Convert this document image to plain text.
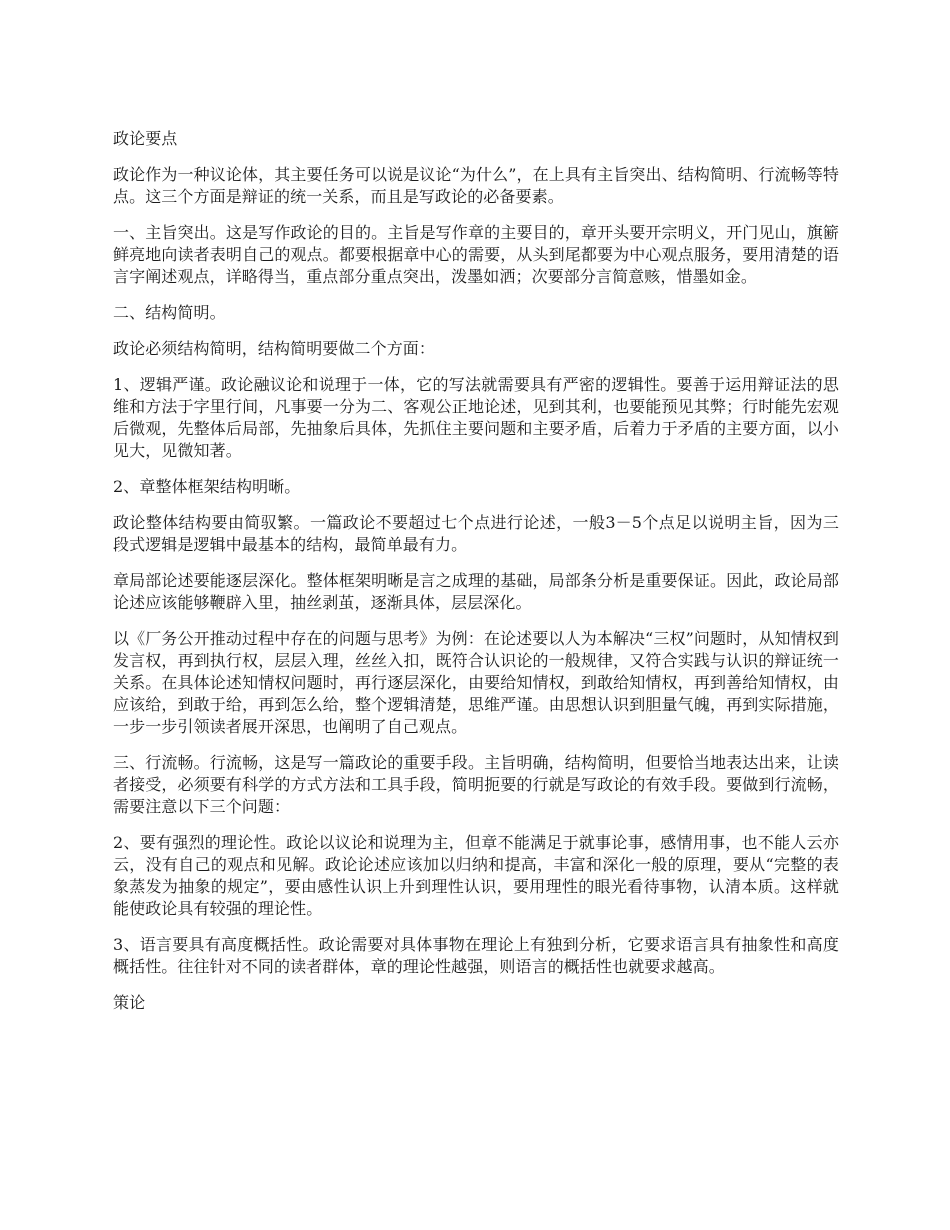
政论要点

政论作为一种议论体，其主要任务可以说是议论“为什么”，在上具有主旨突出、结构简明、行流畅等特点。这三个方面是辩证的统一关系，而且是写政论的必备要素。

一、主旨突出。这是写作政论的目的。主旨是写作章的主要目的，章开头要开宗明义，开门见山，旗簖鲜亮地向读者表明自己的观点。都要根据章中心的需要，从头到尾都要为中心观点服务，要用清楚的语言字阐述观点，详略得当，重点部分重点突出，泼墨如洒；次要部分言简意赅，惜墨如金。

二、结构简明。

政论必须结构简明，结构简明要做二个方面：

1、逻辑严谨。政论融议论和说理于一体，它的写法就需要具有严密的逻辑性。要善于运用辩证法的思维和方法于字里行间，凡事要一分为二、客观公正地论述，见到其利，也要能预见其弊；行时能先宏观后微观，先整体后局部，先抽象后具体，先抓住主要问题和主要矛盾，后着力于矛盾的主要方面，以小见大，见微知著。

2、章整体框架结构明晰。

政论整体结构要由简驭繁。一篇政论不要超过七个点进行论述，一般3－5个点足以说明主旨，因为三段式逻辑是逻辑中最基本的结构，最简单最有力。

章局部论述要能逐层深化。整体框架明晰是言之成理的基础，局部条分析是重要保证。因此，政论局部论述应该能够鞭辟入里，抽丝剥茧，逐渐具体，层层深化。

以《厂务公开推动过程中存在的问题与思考》为例：在论述要以人为本解决“三权”问题时，从知情权到发言权，再到执行权，层层入理，丝丝入扣，既符合认识论的一般规律，又符合实践与认识的辩证统一关系。在具体论述知情权问题时，再行逐层深化，由要给知情权，到敢给知情权，再到善给知情权，由应该给，到敢于给，再到怎么给，整个逻辑清楚，思维严谨。由思想认识到胆量气魄，再到实际措施，一步一步引领读者展开深思，也阐明了自己观点。

三、行流畅。行流畅，这是写一篇政论的重要手段。主旨明确，结构简明，但要恰当地表达出来，让读者接受，必须要有科学的方式方法和工具手段，简明扼要的行就是写政论的有效手段。要做到行流畅，需要注意以下三个问题：

2、要有强烈的理论性。政论以议论和说理为主，但章不能满足于就事论事，感情用事，也不能人云亦云，没有自己的观点和见解。政论论述应该加以归纳和提高，丰富和深化一般的原理，要从“完整的表象蒸发为抽象的规定”，要由感性认识上升到理性认识，要用理性的眼光看待事物，认清本质。这样就能使政论具有较强的理论性。

3、语言要具有高度概括性。政论需要对具体事物在理论上有独到分析，它要求语言具有抽象性和高度概括性。往往针对不同的读者群体，章的理论性越强，则语言的概括性也就要求越高。

策论
